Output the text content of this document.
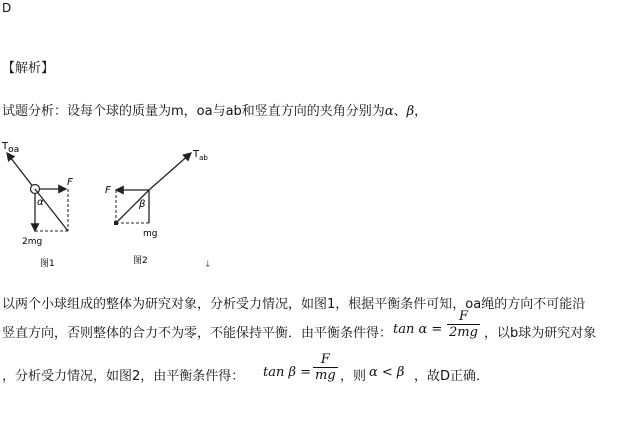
D
【解析】
试题分析：设每个球的质量为m，oa与ab和竖直方向的夹角分别为α、β，
Toa
F
α
2mg
图1
$T_{ab}$
F
β
mg
图2	↓
以两个小球组成的整体为研究对象，分析受力情况，如图1，根据平衡条件可知，oa绳的方向不可能沿
竖直方向，否则整体的合力不为零，不能保持平衡．由平衡条件得： $\tan \alpha = \frac{F}{2mg}$ ，以b球为研究对象
，分析受力情况，如图2，由平衡条件得： $\tan \beta = \frac{F}{mg}$ ，则 α < β ，故D正确．
